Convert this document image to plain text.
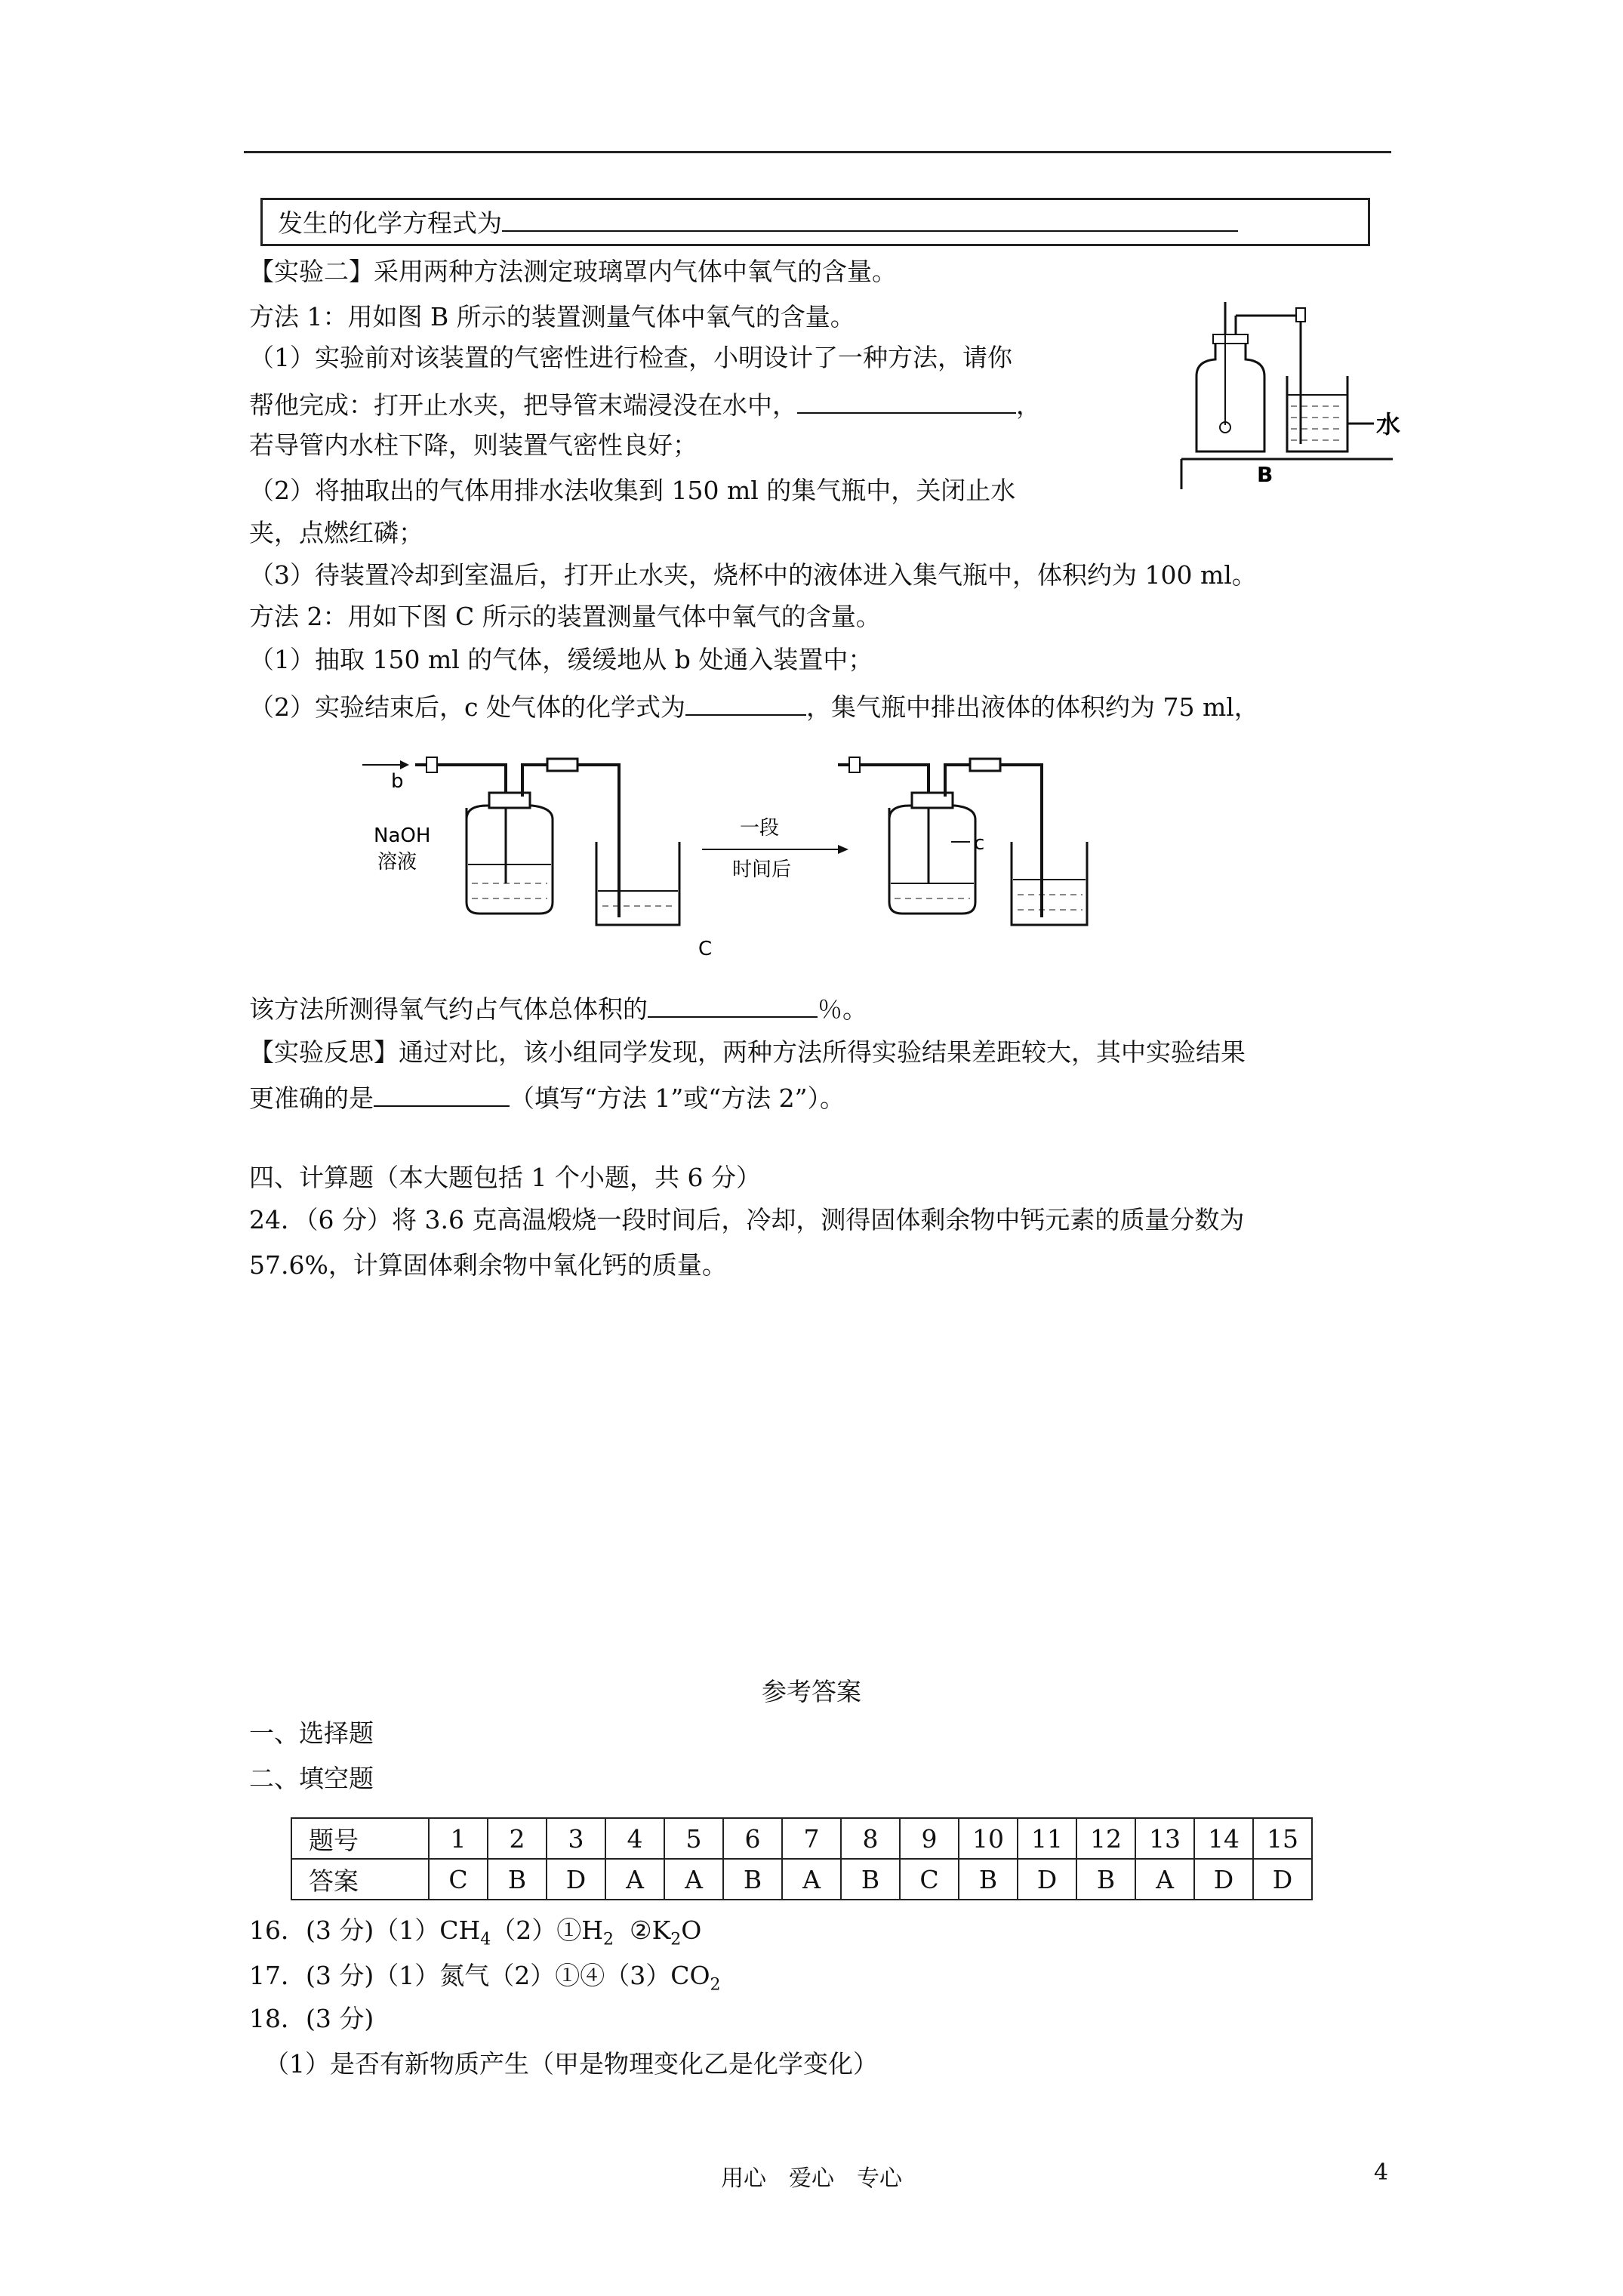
发生的化学方程式为
【实验二】采用两种方法测定玻璃罩内气体中氧气的含量。
方法 1：用如图 B 所示的装置测量气体中氧气的含量。
（1）实验前对该装置的气密性进行检查，小明设计了一种方法，请你
帮他完成：打开止水夹，把导管末端浸没在水中，	，
若导管内水柱下降，则装置气密性良好；
（2）将抽取出的气体用排水法收集到 150 ml 的集气瓶中，关闭止水
夹，点燃红磷；
（3）待装置冷却到室温后，打开止水夹，烧杯中的液体进入集气瓶中，体积约为 100 ml。
方法 2：用如下图 C 所示的装置测量气体中氧气的含量。
（1）抽取 150 ml 的气体，缓缓地从 b 处通入装置中；
（2）实验结束后，c 处气体的化学式为	，集气瓶中排出液体的体积约为 75 ml，
水
B
b
NaOH
溶液
一段
时间后
c
C
该方法所测得氧气约占气体总体积的	％。
【实验反思】通过对比，该小组同学发现，两种方法所得实验结果差距较大，其中实验结果
更准确的是	（填写“方法 1”或“方法 2”）。
四、计算题（本大题包括 1 个小题，共 6 分）
24．（6 分）将 3.6 克高温煅烧一段时间后，冷却，测得固体剩余物中钙元素的质量分数为
57.6%，计算固体剩余物中氧化钙的质量。
参考答案
一、选择题
二、填空题
题号	1	2	3	4	5	6	7	8	9	10	11	12	13	14	15
答案	C	B	D	A	A	B	A	B	C	B	D	B	A	D	D
16．(3 分)$(1)CH_4(2)①H_2$  $②K_2O$
17．(3 分)（1）氮气$(2)①④(3)CO_2$
18．(3 分)
（1）是否有新物质产生（甲是物理变化乙是化学变化）
用心　爱心　专心	4
